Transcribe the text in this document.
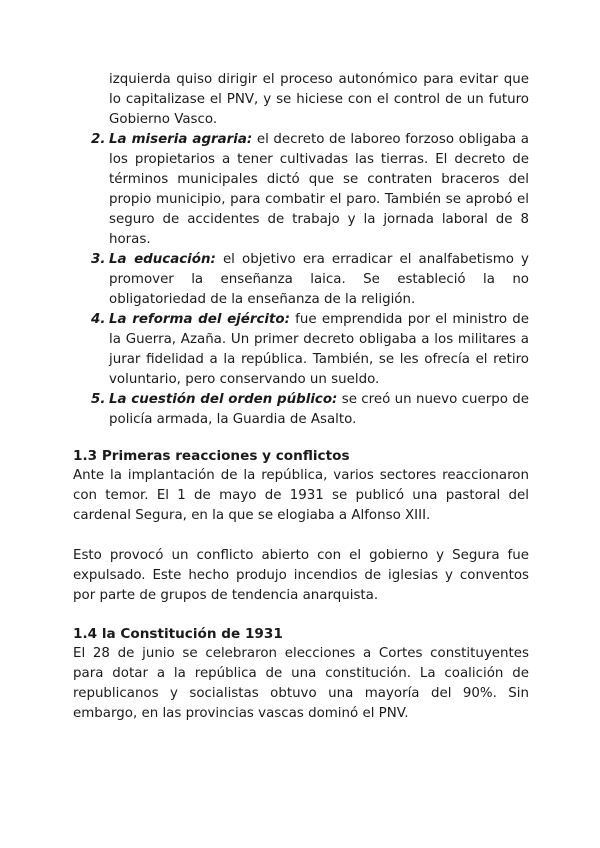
izquierda quiso dirigir el proceso autonómico para evitar que lo capitalizase el PNV, y se hiciese con el control de un futuro Gobierno Vasco.
2. La miseria agraria: el decreto de laboreo forzoso obligaba a los propietarios a tener cultivadas las tierras. El decreto de términos municipales dictó que se contraten braceros del propio municipio, para combatir el paro. También se aprobó el seguro de accidentes de trabajo y la jornada laboral de 8 horas.
3. La educación: el objetivo era erradicar el analfabetismo y promover la enseñanza laica. Se estableció la no obligatoriedad de la enseñanza de la religión.
4. La reforma del ejército: fue emprendida por el ministro de la Guerra, Azaña. Un primer decreto obligaba a los militares a jurar fidelidad a la república. También, se les ofrecía el retiro voluntario, pero conservando un sueldo.
5. La cuestión del orden público: se creó un nuevo cuerpo de policía armada, la Guardia de Asalto.
1.3 Primeras reacciones y conflictos

Ante la implantación de la república, varios sectores reaccionaron con temor. El 1 de mayo de 1931 se publicó una pastoral del cardenal Segura, en la que se elogiaba a Alfonso XIII.

Esto provocó un conflicto abierto con el gobierno y Segura fue expulsado. Este hecho produjo incendios de iglesias y conventos por parte de grupos de tendencia anarquista.

1.4 la Constitución de 1931

El 28 de junio se celebraron elecciones a Cortes constituyentes para dotar a la república de una constitución. La coalición de republicanos y socialistas obtuvo una mayoría del 90%. Sin embargo, en las provincias vascas dominó el PNV.
